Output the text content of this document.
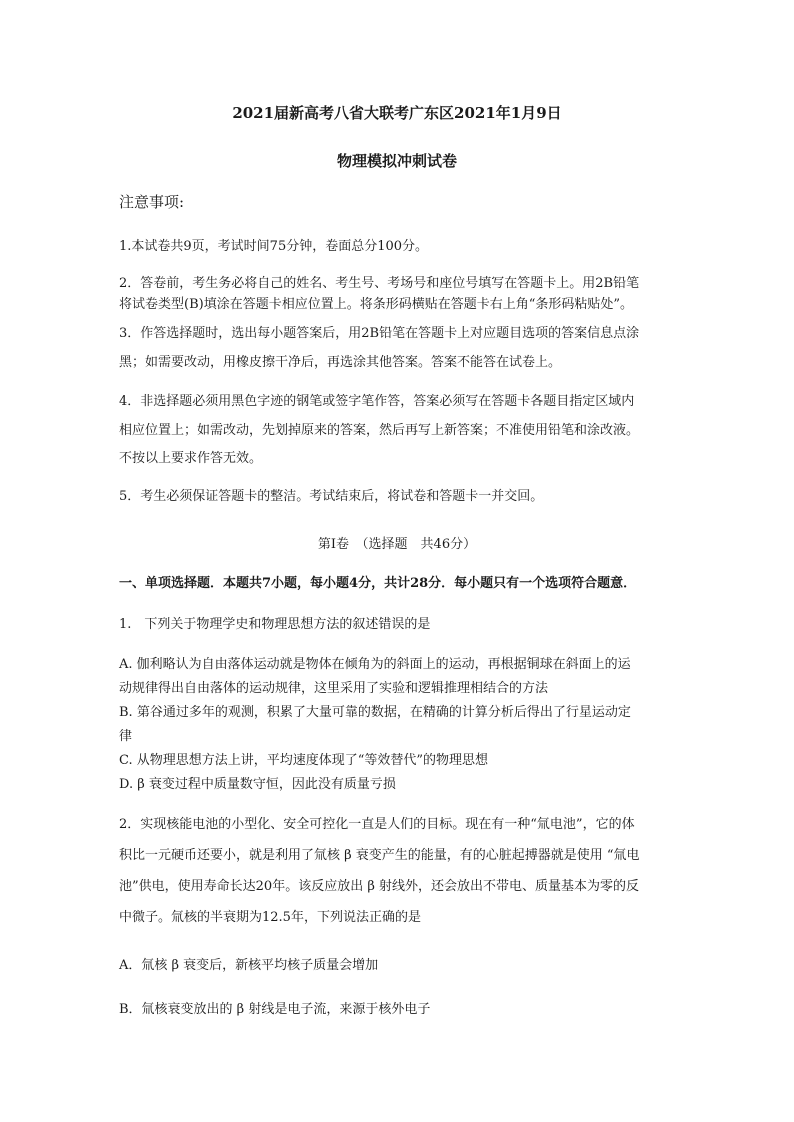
2021届新高考八省大联考广东区2021年1月9日
物理模拟冲刺试卷
注意事项:
1.本试卷共9页，考试时间75分钟，卷面总分100分。
2．答卷前，考生务必将自己的姓名、考生号、考场号和座位号填写在答题卡上。用2B铅笔
将试卷类型(B)填涂在答题卡相应位置上。将条形码横贴在答题卡右上角“条形码粘贴处”。
3．作答选择题时，选出每小题答案后，用2B铅笔在答题卡上对应题目选项的答案信息点涂
黑；如需要改动，用橡皮擦干净后，再选涂其他答案。答案不能答在试卷上。
4．非选择题必须用黑色字迹的钢笔或签字笔作答，答案必须写在答题卡各题目指定区域内
相应位置上；如需改动，先划掉原来的答案，然后再写上新答案；不准使用铅笔和涂改液。
不按以上要求作答无效。
5．考生必须保证答题卡的整洁。考试结束后，将试卷和答题卡一并交回。
第Ⅰ卷　（选择题　共46分）
一、单项选择题．本题共7小题，每小题4分，共计28分．每小题只有一个选项符合题意．
1.　下列关于物理学史和物理思想方法的叙述错误的是
A. 伽利略认为自由落体运动就是物体在倾角为的斜面上的运动，再根据铜球在斜面上的运
动规律得出自由落体的运动规律，这里采用了实验和逻辑推理相结合的方法
B. 第谷通过多年的观测，积累了大量可靠的数据，在精确的计算分析后得出了行星运动定
律
C. 从物理思想方法上讲，平均速度体现了“等效替代”的物理思想
D. β 衰变过程中质量数守恒，因此没有质量亏损
2．实现核能电池的小型化、安全可控化一直是人们的目标。现在有一种“氚电池”，它的体
积比一元硬币还要小，就是利用了氚核 β 衰变产生的能量，有的心脏起搏器就是使用 “氚电
池”供电，使用寿命长达20年。该反应放出 β 射线外，还会放出不带电、质量基本为零的反
中微子。氚核的半衰期为12.5年，下列说法正确的是
A．氚核 β 衰变后，新核平均核子质量会增加
B．氚核衰变放出的 β 射线是电子流，来源于核外电子
